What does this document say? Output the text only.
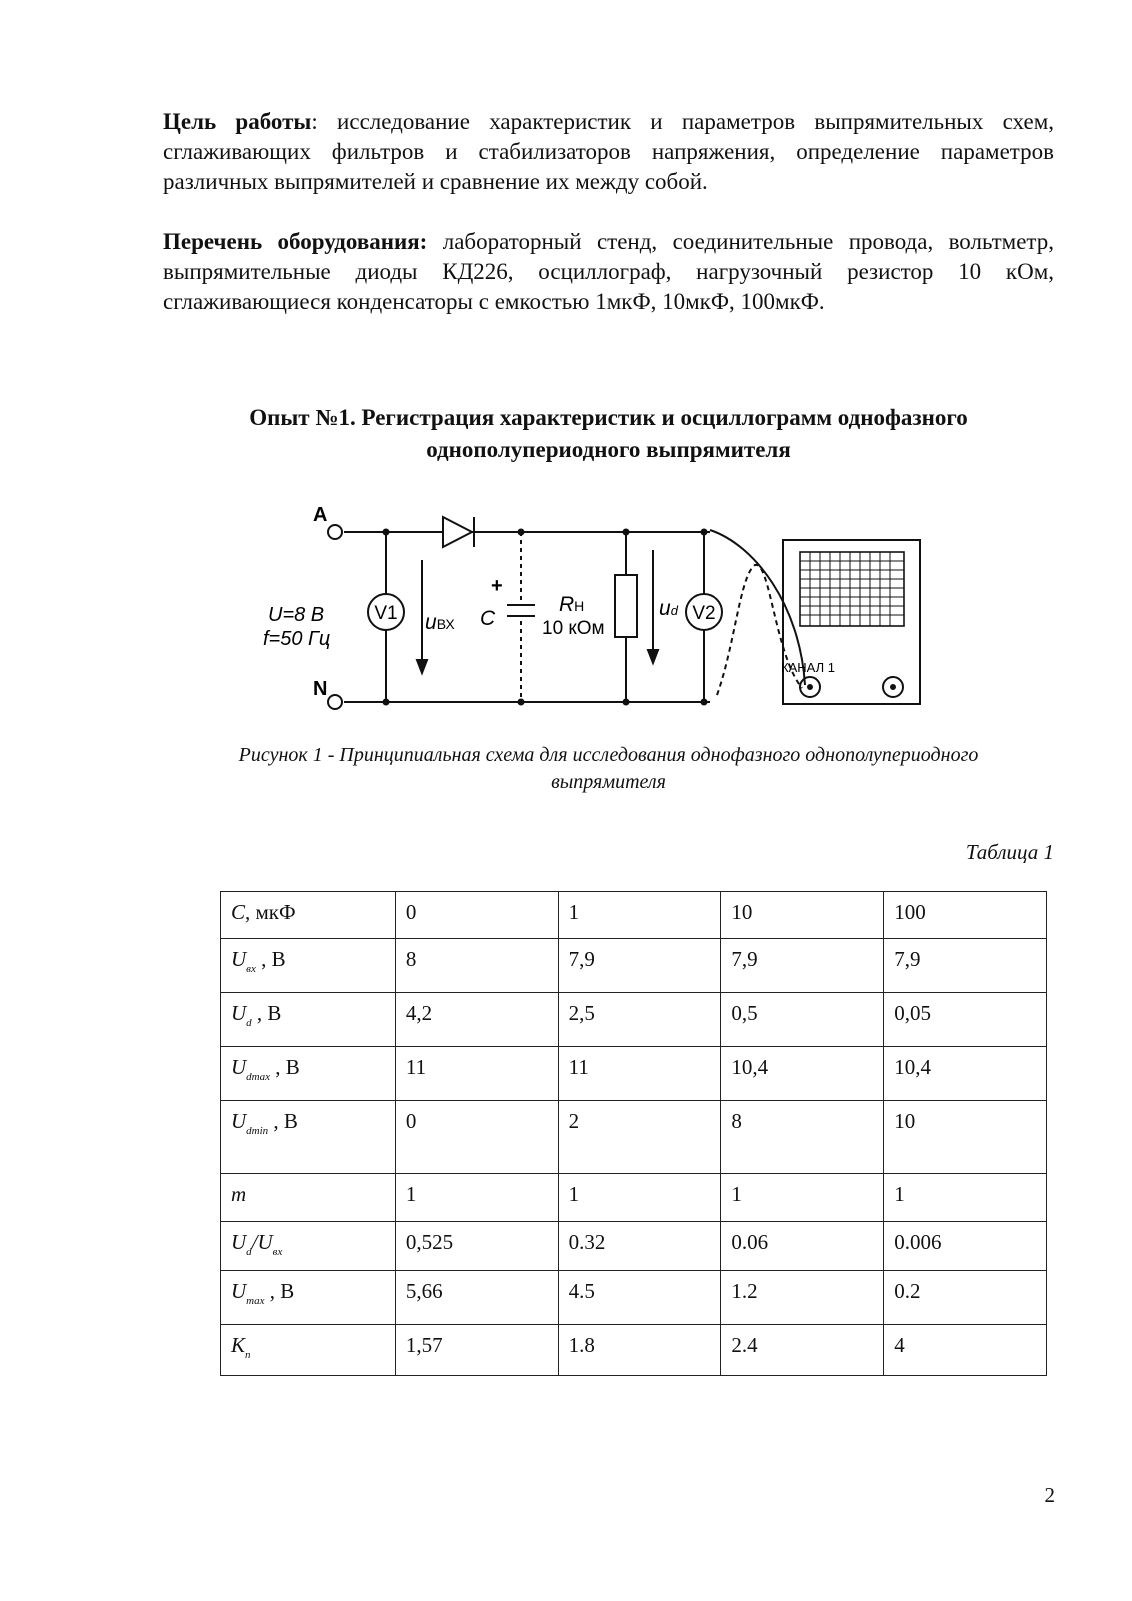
Цель работы: исследование характеристик и параметров выпрямительных схем, сглаживающих фильтров и стабилизаторов напряжения, определение параметров различных выпрямителей и сравнение их между собой.
Перечень оборудования: лабораторный стенд, соединительные провода, вольтметр, выпрямительные диоды КД226, осциллограф, нагрузочный резистор 10 кОм, сглаживающиеся конденсаторы с емкостью 1мкФ, 10мкФ, 100мкФ.
Опыт №1. Регистрация характеристик и осциллограмм однофазного
однополупериодного выпрямителя
A
N
U=8 В
f=50 Гц
V1	V2
uВХ C
+
RН
10 кОм
ud
КАНАЛ 1
Рисунок 1 - Принципиальная схема для исследования однофазного однополупериодного
выпрямителя
Таблица 1
C, мкФ	0	1	10	100
$U_{вх}$ , В	8	7,9	7,9	7,9
$U_d$ , В	4,2	2,5	0,5	0,05
$U_{dmax}$ , В	11	11	10,4	10,4
$U_{dmin}$ , В	0	2	8	10
m	1	1	1	1
$U_d/U_{вх}$	0,525	0.32	0.06	0.006
$U_{max}$ , В	5,66	4.5	1.2	0.2
$K_n$	1,57	1.8	2.4	4
2
